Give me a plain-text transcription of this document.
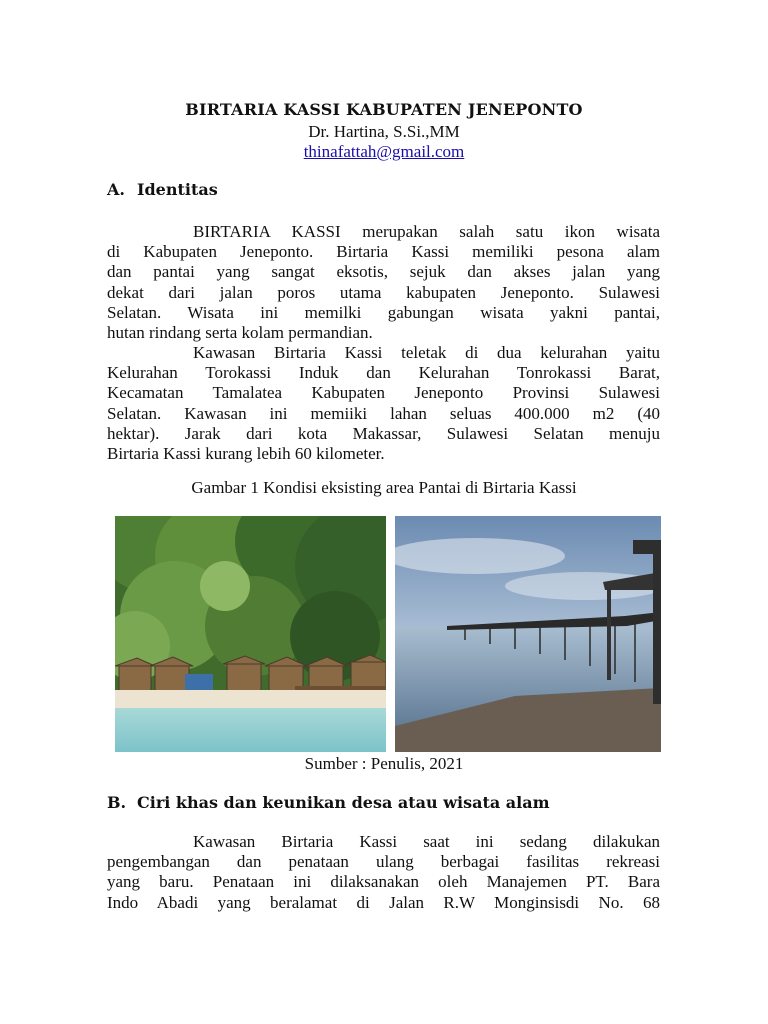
BIRTARIA KASSI KABUPATEN JENEPONTO
Dr. Hartina, S.Si.,MM
thinafattah@gmail.com
A. Identitas
BIRTARIA KASSI merupakan salah satu ikon wisata
di Kabupaten Jeneponto. Birtaria Kassi memiliki pesona alam
dan pantai yang sangat eksotis, sejuk dan akses jalan yang
dekat dari jalan poros utama kabupaten Jeneponto. Sulawesi
Selatan. Wisata ini memilki gabungan wisata yakni pantai,
hutan rindang serta kolam permandian.
Kawasan Birtaria Kassi teletak di dua kelurahan yaitu
Kelurahan Torokassi Induk dan Kelurahan Tonrokassi Barat,
Kecamatan Tamalatea Kabupaten Jeneponto Provinsi Sulawesi
Selatan. Kawasan ini memiiki lahan seluas 400.000 m2 (40
hektar). Jarak dari kota Makassar, Sulawesi Selatan menuju
Birtaria Kassi kurang lebih 60 kilometer.
Gambar 1 Kondisi eksisting area Pantai di Birtaria Kassi
Sumber : Penulis, 2021
B. Ciri khas dan keunikan desa atau wisata alam
Kawasan Birtaria Kassi saat ini sedang dilakukan
pengembangan dan penataan ulang berbagai fasilitas rekreasi
yang baru. Penataan ini dilaksanakan oleh Manajemen PT. Bara
Indo Abadi yang beralamat di Jalan R.W Monginsisdi No. 68
